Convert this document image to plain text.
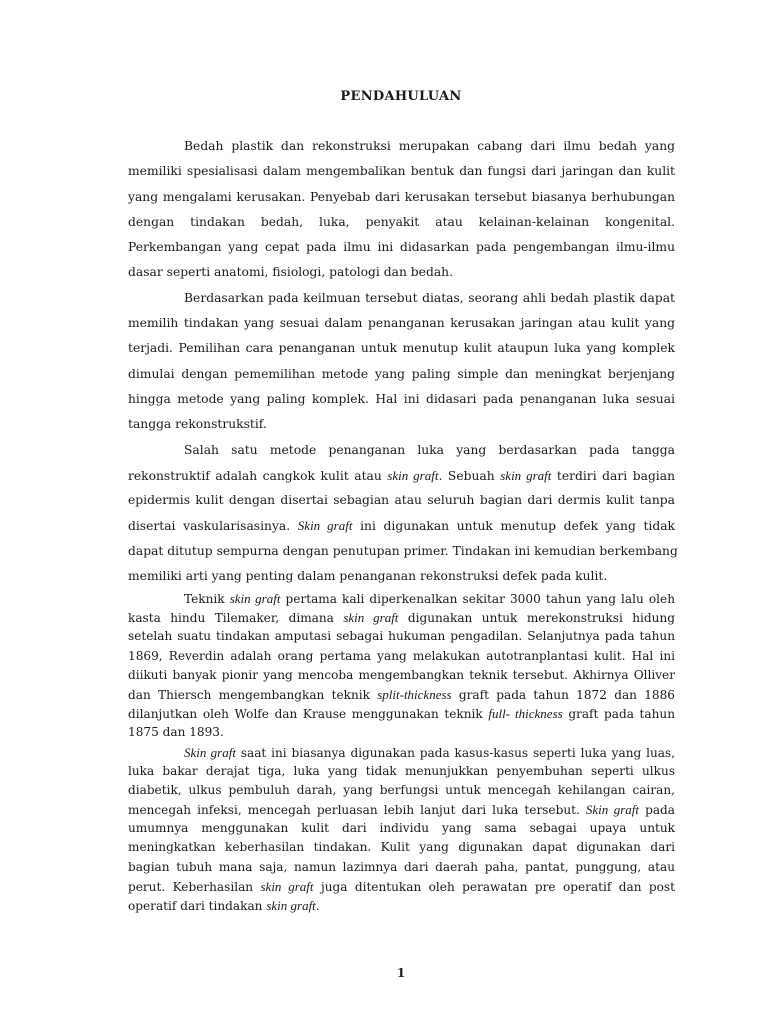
PENDAHULUAN

Bedah plastik dan rekonstruksi merupakan cabang dari ilmu bedah yang
memiliki spesialisasi dalam mengembalikan bentuk dan fungsi dari jaringan dan kulit
yang mengalami kerusakan. Penyebab dari kerusakan tersebut biasanya berhubungan
dengan tindakan bedah, luka, penyakit atau kelainan-kelainan kongenital.
Perkembangan yang cepat pada ilmu ini didasarkan pada pengembangan ilmu-ilmu
dasar seperti anatomi, fisiologi, patologi dan bedah.

Berdasarkan pada keilmuan tersebut diatas, seorang ahli bedah plastik dapat
memilih tindakan yang sesuai dalam penanganan kerusakan jaringan atau kulit yang
terjadi. Pemilihan cara penanganan untuk menutup kulit ataupun luka yang komplek
dimulai dengan pememilihan metode yang paling simple dan meningkat berjenjang
hingga metode yang paling komplek. Hal ini didasari pada penanganan luka sesuai
tangga rekonstrukstif.

Salah satu metode penanganan luka yang berdasarkan pada tangga
rekonstruktif adalah cangkok kulit atau skin graft. Sebuah skin graft terdiri dari bagian
epidermis kulit dengan disertai sebagian atau seluruh bagian dari dermis kulit tanpa
disertai vaskularisasinya. Skin graft ini digunakan untuk menutup defek yang tidak
dapat ditutup sempurna dengan penutupan primer. Tindakan ini kemudian berkembang
memiliki arti yang penting dalam penanganan rekonstruksi defek pada kulit.

Teknik skin graft pertama kali diperkenalkan sekitar 3000 tahun yang lalu oleh
kasta hindu Tilemaker, dimana skin graft digunakan untuk merekonstruksi hidung
setelah suatu tindakan amputasi sebagai hukuman pengadilan. Selanjutnya pada tahun
1869, Reverdin adalah orang pertama yang melakukan autotranplantasi kulit. Hal ini
diikuti banyak pionir yang mencoba mengembangkan teknik tersebut. Akhirnya Olliver
dan Thiersch mengembangkan teknik split-thickness graft pada tahun 1872 dan 1886
dilanjutkan oleh Wolfe dan Krause menggunakan teknik full- thickness graft pada tahun
1875 dan 1893.

Skin graft saat ini biasanya digunakan pada kasus-kasus seperti luka yang luas,
luka bakar derajat tiga, luka yang tidak menunjukkan penyembuhan seperti ulkus
diabetik, ulkus pembuluh darah, yang berfungsi untuk mencegah kehilangan cairan,
mencegah infeksi, mencegah perluasan lebih lanjut dari luka tersebut. Skin graft pada
umumnya menggunakan kulit dari individu yang sama sebagai upaya untuk
meningkatkan keberhasilan tindakan. Kulit yang digunakan dapat digunakan dari
bagian tubuh mana saja, namun lazimnya dari daerah paha, pantat, punggung, atau
perut. Keberhasilan skin graft juga ditentukan oleh perawatan pre operatif dan post
operatif dari tindakan skin graft.

1
